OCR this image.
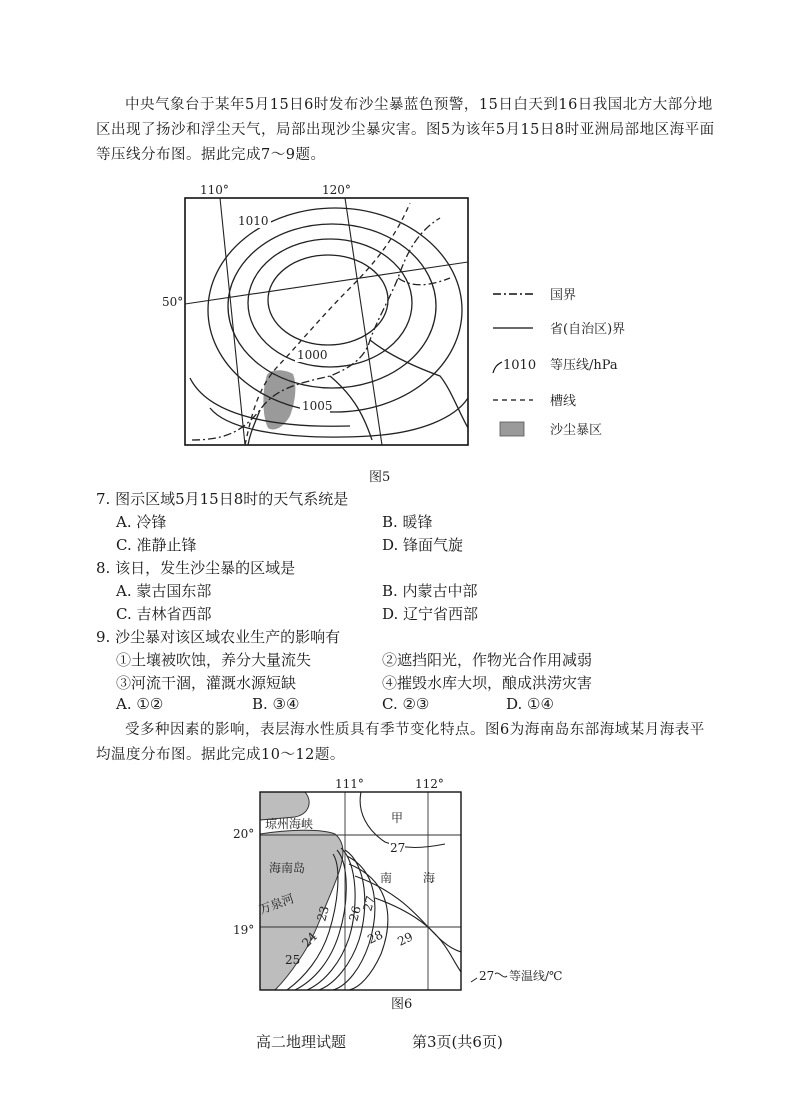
中央气象台于某年5月15日6时发布沙尘暴蓝色预警，15日白天到16日我国北方大部分地区出现了扬沙和浮尘天气，局部出现沙尘暴灾害。图5为该年5月15日8时亚洲局部地区海平面等压线分布图。据此完成7～9题。
110°	120°
50°
1010
1000
1005
国界
省(自治区)界
1010 等压线/hPa
槽线
沙尘暴区
图5
7. 图示区域5月15日8时的天气系统是
A. 冷锋	B. 暖锋
C. 准静止锋	D. 锋面气旋
8. 该日，发生沙尘暴的区域是
A. 蒙古国东部	B. 内蒙古中部
C. 吉林省西部	D. 辽宁省西部
9. 沙尘暴对该区域农业生产的影响有
①土壤被吹蚀，养分大量流失	②遮挡阳光，作物光合作用减弱
③河流干涸，灌溉水源短缺	④摧毁水库大坝，酿成洪涝灾害
A. ①②	B. ③④	C. ②③	D. ①④
受多种因素的影响，表层海水性质具有季节变化特点。图6为海南岛东部海域某月海表平均温度分布图。据此完成10～12题。
111°	112°
20°
19°
琼州海峡
海南岛
万泉河
甲
南	海
27
23 26
27
24	28 29
25
27 等温线/℃
图6
高二地理试题	第3页(共6页)
